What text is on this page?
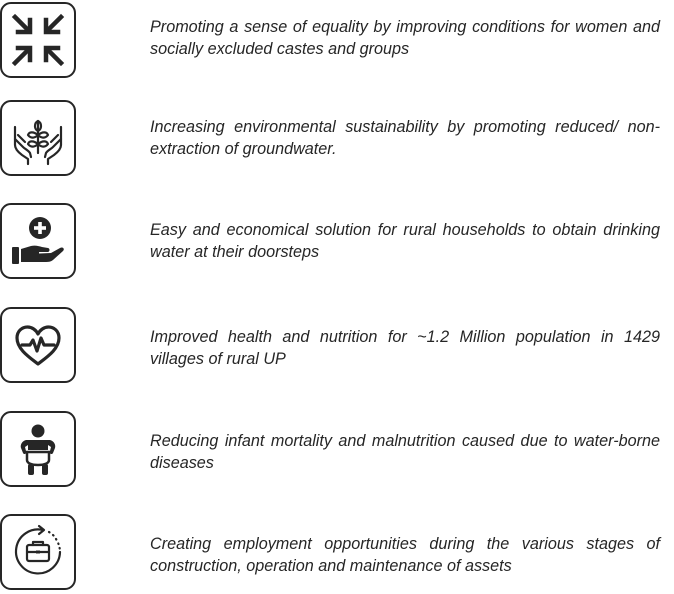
Promoting a sense of equality by improving conditions for women and socially excluded castes and groups

Increasing environmental sustainability by promoting reduced/ non-extraction of groundwater.

Easy and economical solution for rural households to obtain drinking water at their doorsteps

Improved health and nutrition for ~1.2 Million population in 1429 villages of rural UP

Reducing infant mortality and malnutrition caused due to water-borne diseases

Creating employment opportunities during the various stages of construction, operation and maintenance of assets
